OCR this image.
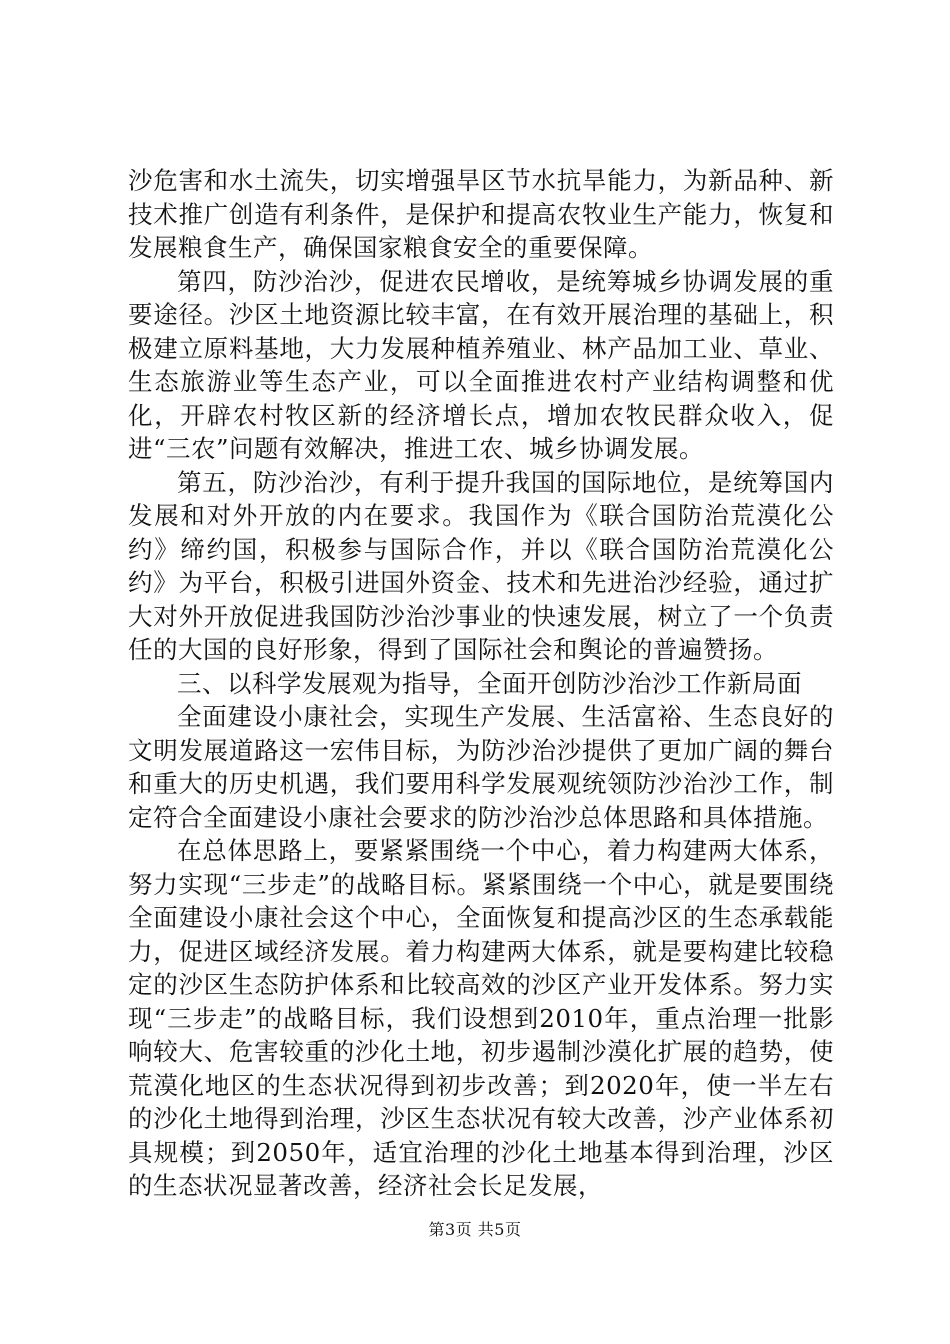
沙危害和水土流失，切实增强旱区节水抗旱能力，为新品种、新技术推广创造有利条件，是保护和提高农牧业生产能力，恢复和发展粮食生产，确保国家粮食安全的重要保障。

第四，防沙治沙，促进农民增收，是统筹城乡协调发展的重要途径。沙区土地资源比较丰富，在有效开展治理的基础上，积极建立原料基地，大力发展种植养殖业、林产品加工业、草业、生态旅游业等生态产业，可以全面推进农村产业结构调整和优化，开辟农村牧区新的经济增长点，增加农牧民群众收入，促进“三农”问题有效解决，推进工农、城乡协调发展。

第五，防沙治沙，有利于提升我国的国际地位，是统筹国内发展和对外开放的内在要求。我国作为《联合国防治荒漠化公约》缔约国，积极参与国际合作，并以《联合国防治荒漠化公约》为平台，积极引进国外资金、技术和先进治沙经验，通过扩大对外开放促进我国防沙治沙事业的快速发展，树立了一个负责任的大国的良好形象，得到了国际社会和舆论的普遍赞扬。

三、以科学发展观为指导，全面开创防沙治沙工作新局面

全面建设小康社会，实现生产发展、生活富裕、生态良好的文明发展道路这一宏伟目标，为防沙治沙提供了更加广阔的舞台和重大的历史机遇，我们要用科学发展观统领防沙治沙工作，制定符合全面建设小康社会要求的防沙治沙总体思路和具体措施。

在总体思路上，要紧紧围绕一个中心，着力构建两大体系，努力实现“三步走”的战略目标。紧紧围绕一个中心，就是要围绕全面建设小康社会这个中心，全面恢复和提高沙区的生态承载能力，促进区域经济发展。着力构建两大体系，就是要构建比较稳定的沙区生态防护体系和比较高效的沙区产业开发体系。努力实现“三步走”的战略目标，我们设想到2010年，重点治理一批影响较大、危害较重的沙化土地，初步遏制沙漠化扩展的趋势，使荒漠化地区的生态状况得到初步改善；到2020年，使一半左右的沙化土地得到治理，沙区生态状况有较大改善，沙产业体系初具规模；到2050年，适宜治理的沙化土地基本得到治理，沙区的生态状况显著改善，经济社会长足发展，

第3页 共5页
